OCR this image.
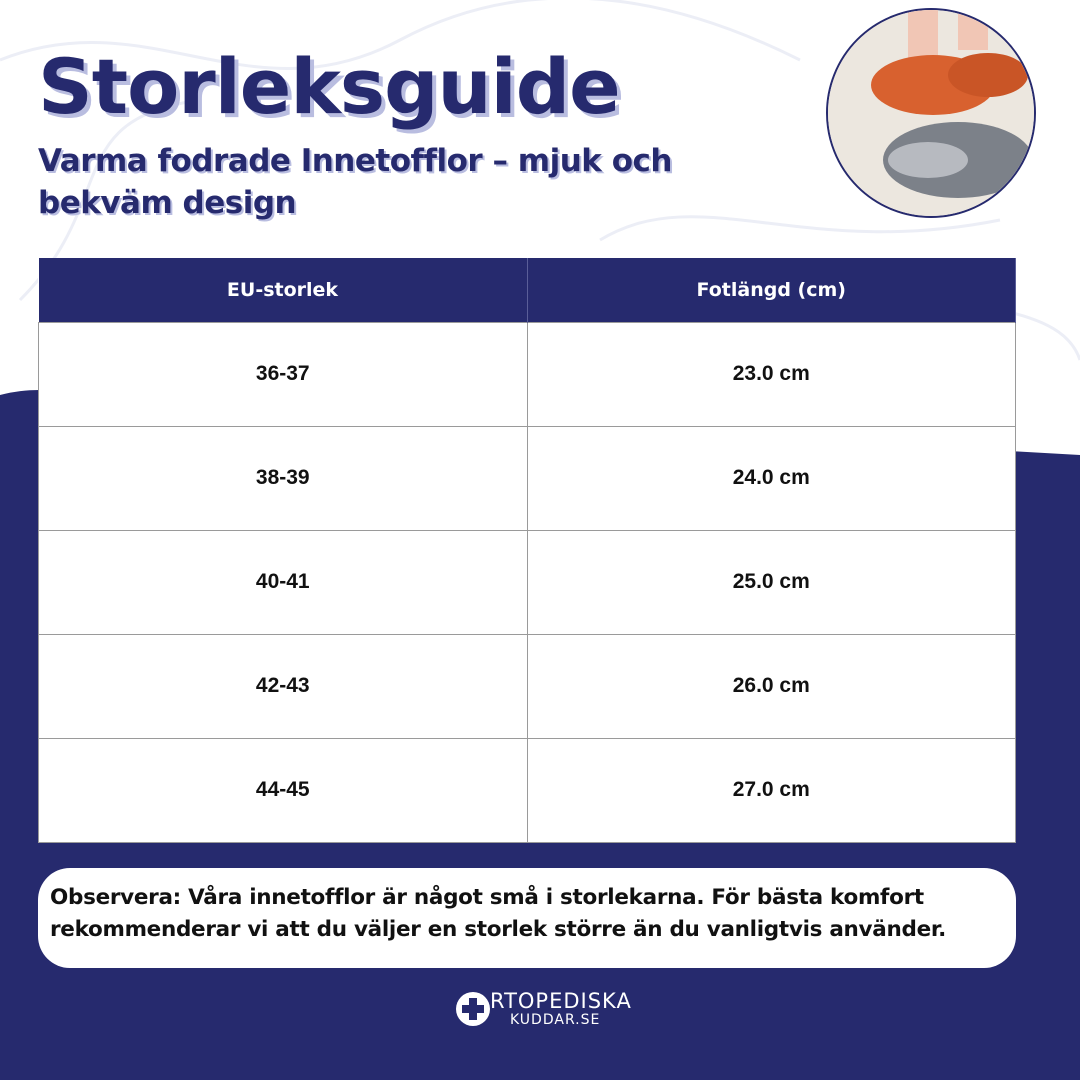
Storleksguide
Varma fodrade Innetofflor – mjuk och bekväm design
EU-storlek	Fotlängd (cm)
36-37	23.0 cm
38-39	24.0 cm
40-41	25.0 cm
42-43	26.0 cm
44-45	27.0 cm
Observera: Våra innetofflor är något små i storlekarna. För bästa komfort rekommenderar vi att du väljer en storlek större än du vanligtvis använder.
RTOPEDISKA
KUDDAR.SE
